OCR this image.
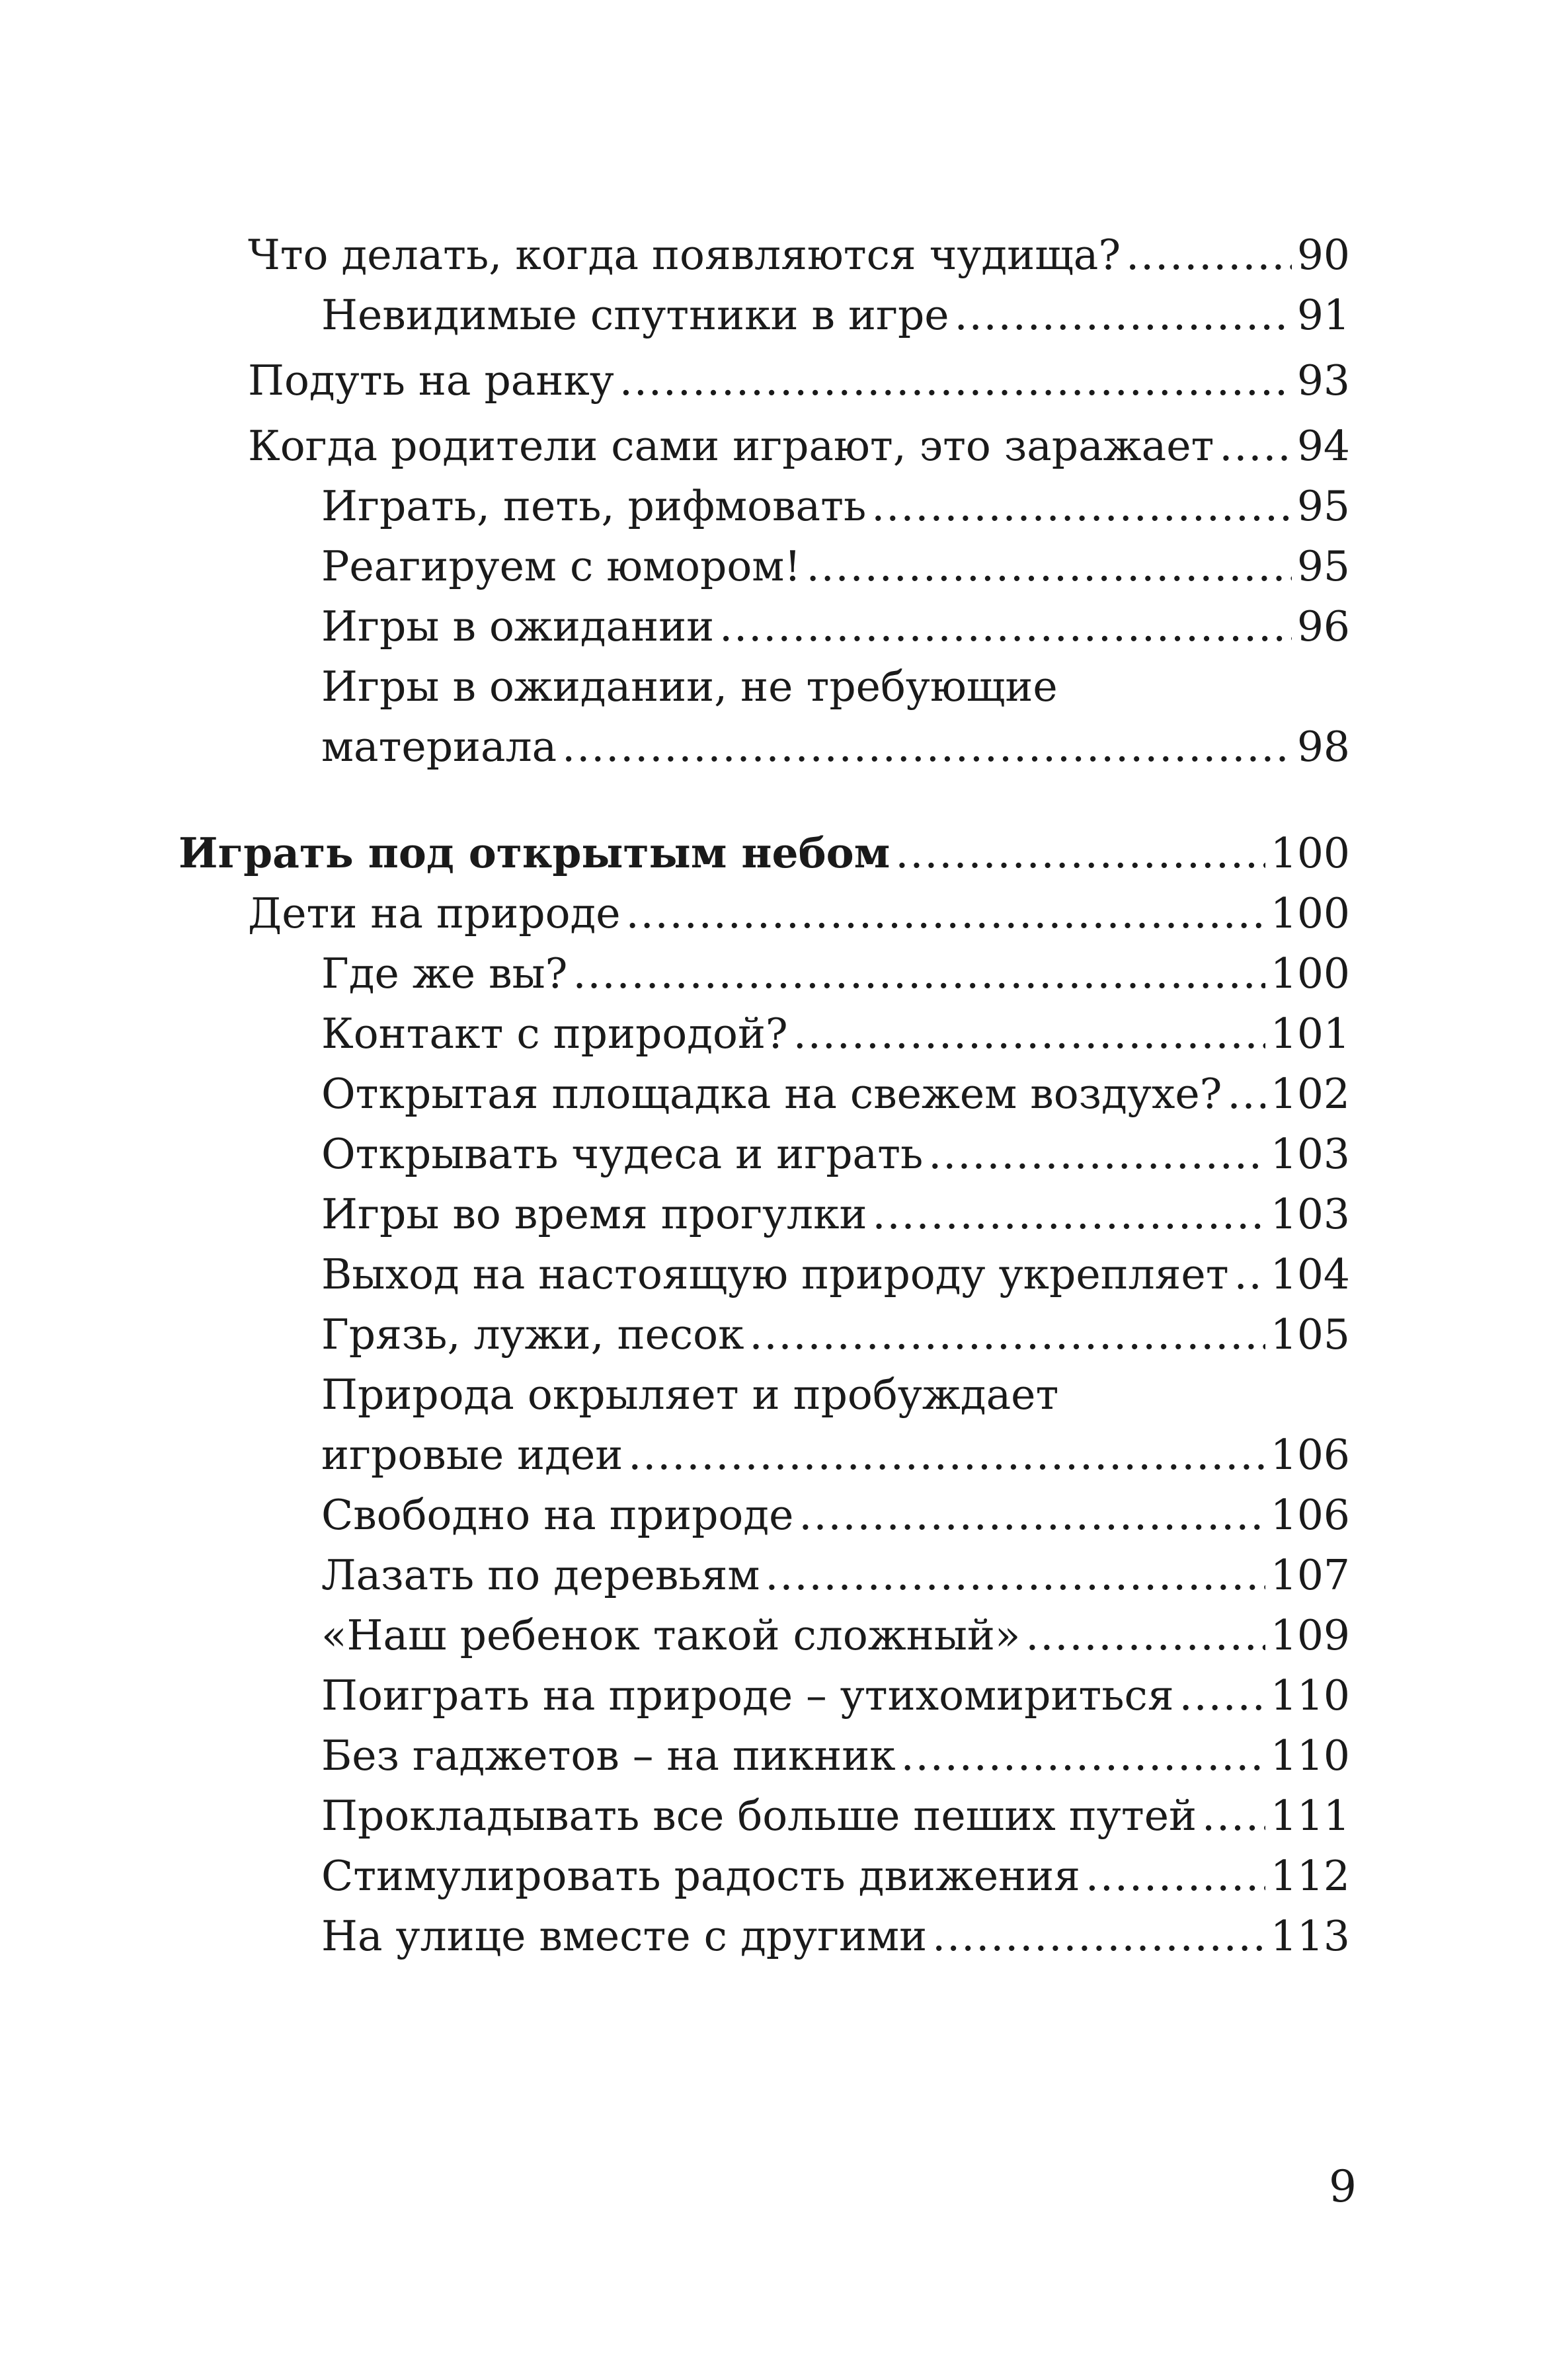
Что делать, когда появляются чудища? .....	90
Невидимые спутники в игре .....	91
Подуть на ранку .....	93
Когда родители сами играют, это заражает ..... 94
Играть, петь, рифмовать .....	95
Реагируем с юмором! .....	95
Игры в ожидании .....	96
Игры в ожидании, не требующие
материала .....	98
Играть под открытым небом .....	100
Дети на природе .....	100
Где же вы? .....	100
Контакт с природой? .....	101
Открытая площадка на свежем воздухе? ..... 102
Открывать чудеса и играть .....	103
Игры во время прогулки .....	103
Выход на настоящую природу укрепляет ..... 104
Грязь, лужи, песок .....	105
Природа окрыляет и пробуждает
игровые идеи .....	106
Свободно на природе .....	106
Лазать по деревьям .....	107
«Наш ребенок такой сложный» .....	109
Поиграть на природе – утихомириться ..... 110
Без гаджетов – на пикник .....	110
Прокладывать все больше пеших путей ..... 111
Стимулировать радость движения .....	112
На улице вместе с другими .....	113
9
